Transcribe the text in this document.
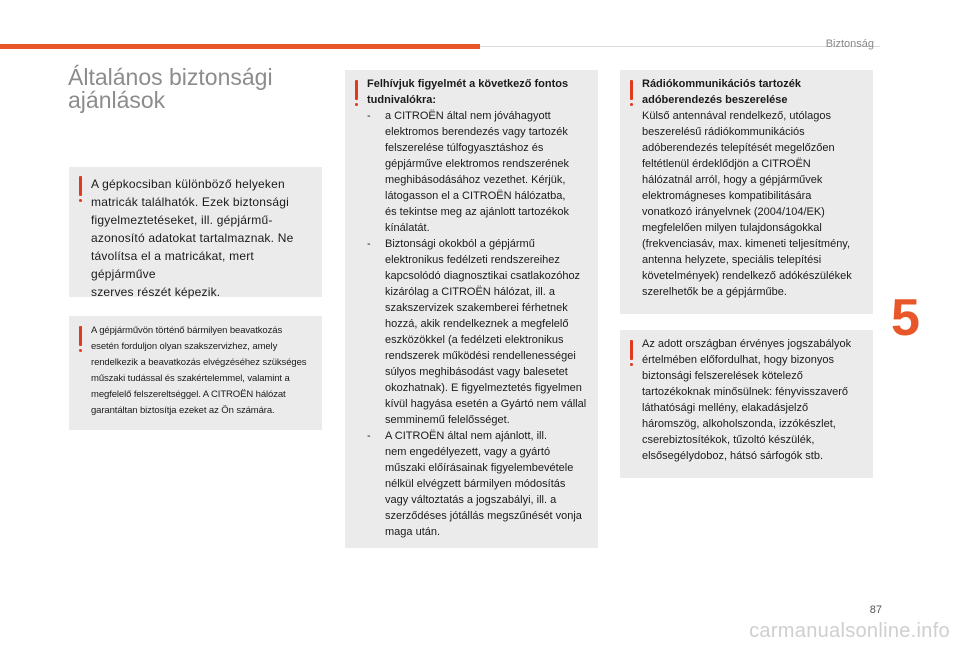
Biztonság
5
Általános biztonsági
ajánlások
A gépkocsiban különböző helyeken
matricák találhatók. Ezek biztonsági
figyelmeztetéseket, ill. gépjármű-
azonosító adatokat tartalmaznak. Ne
távolítsa el a matricákat, mert gépjárműve
szerves részét képezik.
A gépjárművön történő bármilyen beavatkozás
esetén forduljon olyan szakszervizhez, amely
rendelkezik a beavatkozás elvégzéséhez szükséges
műszaki tudással és szakértelemmel, valamint a
megfelelő felszereltséggel. A CITROËN hálózat
garantáltan biztosítja ezeket az Ön számára.
Felhívjuk figyelmét a következő fontos
tudnivalókra:
- a CITROËN által nem jóváhagyott
elektromos berendezés vagy tartozék
felszerelése túlfogyasztáshoz és
gépjárműve elektromos rendszerének
meghibásodásához vezethet. Kérjük,
látogasson el a CITROËN hálózatba,
és tekintse meg az ajánlott tartozékok
kínálatát.
- Biztonsági okokból a gépjármű
elektronikus fedélzeti rendszereihez
kapcsolódó diagnosztikai csatlakozóhoz
kizárólag a CITROËN hálózat, ill. a
szakszervizek szakemberei férhetnek
hozzá, akik rendelkeznek a megfelelő
eszközökkel (a fedélzeti elektronikus
rendszerek működési rendellenességei
súlyos meghibásodást vagy balesetet
okozhatnak). E figyelmeztetés figyelmen
kívül hagyása esetén a Gyártó nem vállal
semminemű felelősséget.
- A CITROËN által nem ajánlott, ill.
nem engedélyezett, vagy a gyártó
műszaki előírásainak figyelembevétele
nélkül elvégzett bármilyen módosítás
vagy változtatás a jogszabályi, ill. a
szerződéses jótállás megszűnését vonja
maga után.
Rádiókommunikációs tartozék
adóberendezés beszerelése
Külső antennával rendelkező, utólagos
beszerelésű rádiókommunikációs
adóberendezés telepítését megelőzően
feltétlenül érdeklődjön a CITROËN
hálózatnál arról, hogy a gépjárművek
elektromágneses kompatibilitására
vonatkozó irányelvnek (2004/104/EK)
megfelelően milyen tulajdonságokkal
(frekvenciasáv, max. kimeneti teljesítmény,
antenna helyzete, speciális telepítési
követelmények) rendelkező adókészülékek
szerelhetők be a gépjárműbe.
Az adott országban érvényes jogszabályok
értelmében előfordulhat, hogy bizonyos
biztonsági felszerelések kötelező
tartozékoknak minősülnek: fényvisszaverő
láthatósági mellény, elakadásjelző
háromszög, alkoholszonda, izzókészlet,
cserebiztosítékok, tűzoltó készülék,
elsősegélydoboz, hátsó sárfogók stb.
87
carmanualsonline.info
